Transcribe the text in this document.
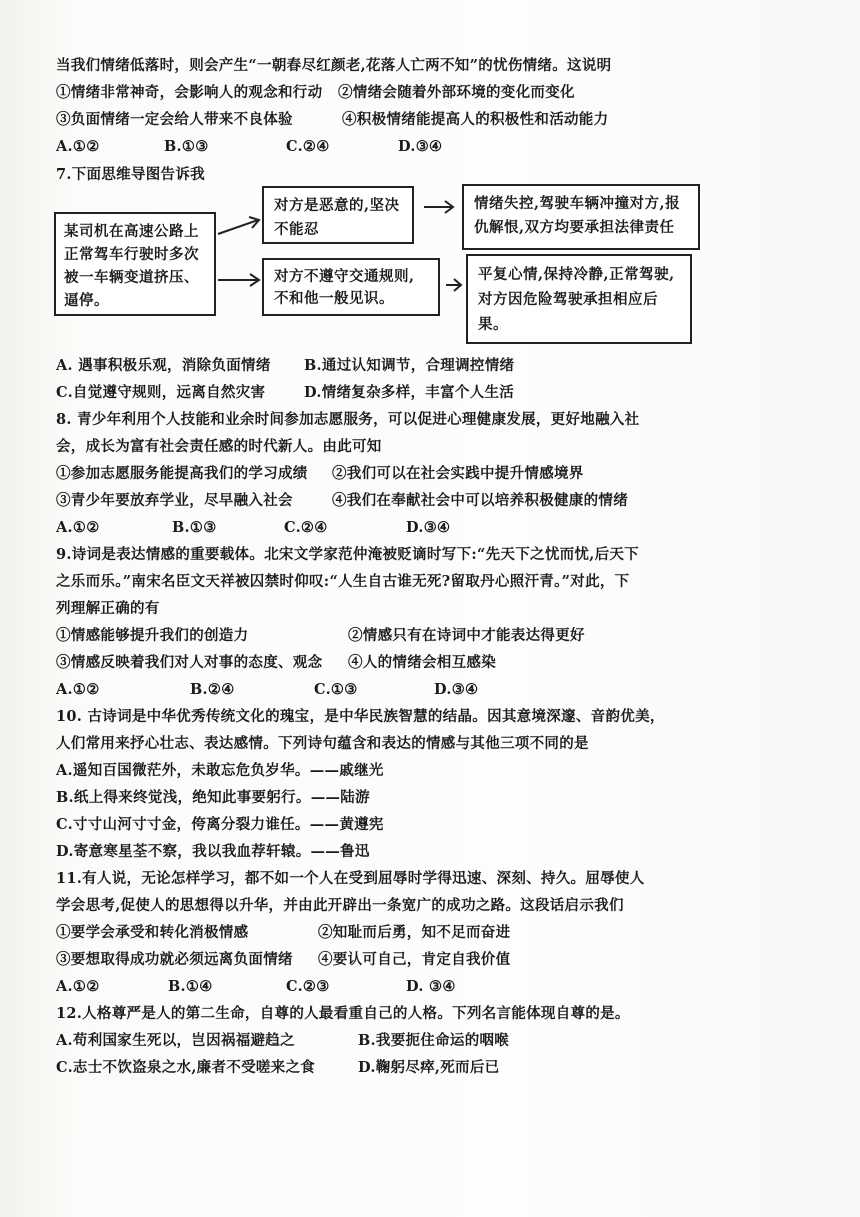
当我们情绪低落时，则会产生“一朝春尽红颜老,花落人亡两不知”的忧伤情绪。这说明
①情绪非常神奇，会影响人的观念和行动 ②情绪会随着外部环境的变化而变化
③负面情绪一定会给人带来不良体验	④积极情绪能提高人的积极性和活动能力
A.①②	B.①③	C.②④	D.③④
7.下面思维导图告诉我
某司机在高速公路上正常驾车行驶时多次被一车辆变道挤压、逼停。
对方是恶意的,坚决不能忍
对方不遵守交通规则,不和他一般见识。
情绪失控,驾驶车辆冲撞对方,报仇解恨,双方均要承担法律责任
平复心情,保持冷静,正常驾驶,对方因危险驾驶承担相应后果。
A. 遇事积极乐观，消除负面情绪 B.通过认知调节，合理调控情绪
C.自觉遵守规则，远离自然灾害	D.情绪复杂多样，丰富个人生活
8. 青少年利用个人技能和业余时间参加志愿服务，可以促进心理健康发展，更好地融入社
会，成长为富有社会责任感的时代新人。由此可知
①参加志愿服务能提高我们的学习成绩 ②我们可以在社会实践中提升情感境界
③青少年要放弃学业，尽早融入社会	④我们在奉献社会中可以培养积极健康的情绪
A.①②	B.①③	C.②④	D.③④
9.诗词是表达情感的重要载体。北宋文学家范仲淹被贬谪时写下:“先天下之忧而忧,后天下
之乐而乐。”南宋名臣文天祥被囚禁时仰叹:“人生自古谁无死?留取丹心照汗青。”对此，下
列理解正确的有
①情感能够提升我们的创造力	②情感只有在诗词中才能表达得更好
③情感反映着我们对人对事的态度、观念 ④人的情绪会相互感染
A.①②	B.②④	C.①③	D.③④
10. 古诗词是中华优秀传统文化的瑰宝，是中华民族智慧的结晶。因其意境深邃、音韵优美，
人们常用来抒心壮志、表达感情。下列诗句蕴含和表达的情感与其他三项不同的是
A.遥知百国微茫外，未敢忘危负岁华。——戚继光
B.纸上得来终觉浅，绝知此事要躬行。——陆游
C.寸寸山河寸寸金，侉离分裂力谁任。——黄遵宪
D.寄意寒星荃不察，我以我血荐轩辕。——鲁迅
11.有人说，无论怎样学习，都不如一个人在受到屈辱时学得迅速、深刻、持久。屈辱使人
学会思考,促使人的思想得以升华，并由此开辟出一条宽广的成功之路。这段话启示我们
①要学会承受和转化消极情感	②知耻而后勇，知不足而奋进
③要想取得成功就必须远离负面情绪 ④要认可自己，肯定自我价值
A.①②	B.①④	C.②③	D. ③④
12.人格尊严是人的第二生命，自尊的人最看重自己的人格。下列名言能体现自尊的是。
A.苟利国家生死以，岂因祸福避趋之	B.我要扼住命运的咽喉
C.志士不饮盗泉之水,廉者不受嗟来之食	D.鞠躬尽瘁,死而后已
